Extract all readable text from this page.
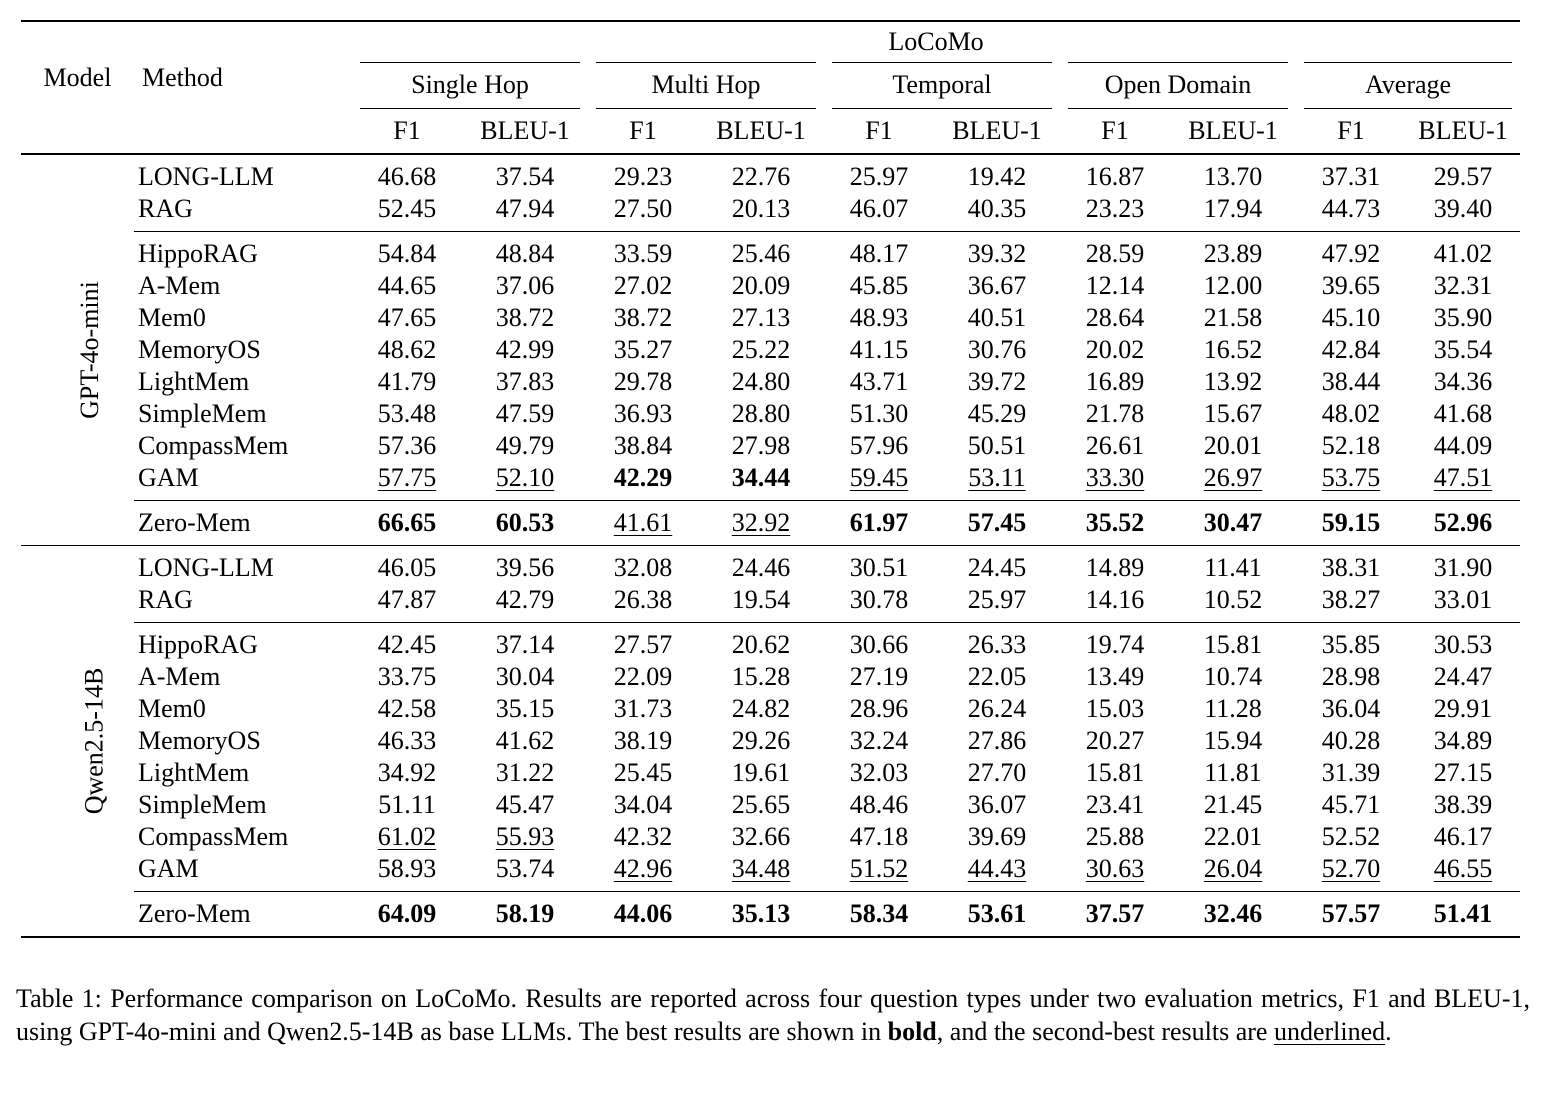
Model	Method	LoCoMo									

		Single Hop		Multi Hop		Temporal		Open Domain		Average	

		F1	BLEU-1	F1	BLEU-1	F1	BLEU-1	F1	BLEU-1	F1	BLEU-1
GPT-4o-mini	LONG-LLM	46.68	37.54	29.23	22.76	25.97	19.42	16.87	13.70	37.31	29.57
	RAG	52.45	47.94	27.50	20.13	46.07	40.35	23.23	17.94	44.73	39.40
	HippoRAG	54.84	48.84	33.59	25.46	48.17	39.32	28.59	23.89	47.92	41.02
	A-Mem	44.65	37.06	27.02	20.09	45.85	36.67	12.14	12.00	39.65	32.31
	Mem0	47.65	38.72	38.72	27.13	48.93	40.51	28.64	21.58	45.10	35.90
	MemoryOS	48.62	42.99	35.27	25.22	41.15	30.76	20.02	16.52	42.84	35.54
	LightMem	41.79	37.83	29.78	24.80	43.71	39.72	16.89	13.92	38.44	34.36
	SimpleMem	53.48	47.59	36.93	28.80	51.30	45.29	21.78	15.67	48.02	41.68
	CompassMem	57.36	49.79	38.84	27.98	57.96	50.51	26.61	20.01	52.18	44.09
	GAM	57.75	52.10	42.29	34.44	59.45	53.11	33.30	26.97	53.75	47.51
	Zero-Mem	66.65	60.53	41.61	32.92	61.97	57.45	35.52	30.47	59.15	52.96
Qwen2.5-14B	LONG-LLM	46.05	39.56	32.08	24.46	30.51	24.45	14.89	11.41	38.31	31.90
	RAG	47.87	42.79	26.38	19.54	30.78	25.97	14.16	10.52	38.27	33.01
	HippoRAG	42.45	37.14	27.57	20.62	30.66	26.33	19.74	15.81	35.85	30.53
	A-Mem	33.75	30.04	22.09	15.28	27.19	22.05	13.49	10.74	28.98	24.47
	Mem0	42.58	35.15	31.73	24.82	28.96	26.24	15.03	11.28	36.04	29.91
	MemoryOS	46.33	41.62	38.19	29.26	32.24	27.86	20.27	15.94	40.28	34.89
	LightMem	34.92	31.22	25.45	19.61	32.03	27.70	15.81	11.81	31.39	27.15
	SimpleMem	51.11	45.47	34.04	25.65	48.46	36.07	23.41	21.45	45.71	38.39
	CompassMem	61.02	55.93	42.32	32.66	47.18	39.69	25.88	22.01	52.52	46.17
	GAM	58.93	53.74	42.96	34.48	51.52	44.43	30.63	26.04	52.70	46.55
	Zero-Mem	64.09	58.19	44.06	35.13	58.34	53.61	37.57	32.46	57.57	51.41
Table 1: Performance comparison on LoCoMo. Results are reported across four question types under two evaluation metrics, F1 and BLEU-1, using GPT-4o-mini and Qwen2.5-14B as base LLMs. The best results are shown in bold, and the second-best results are underlined.
